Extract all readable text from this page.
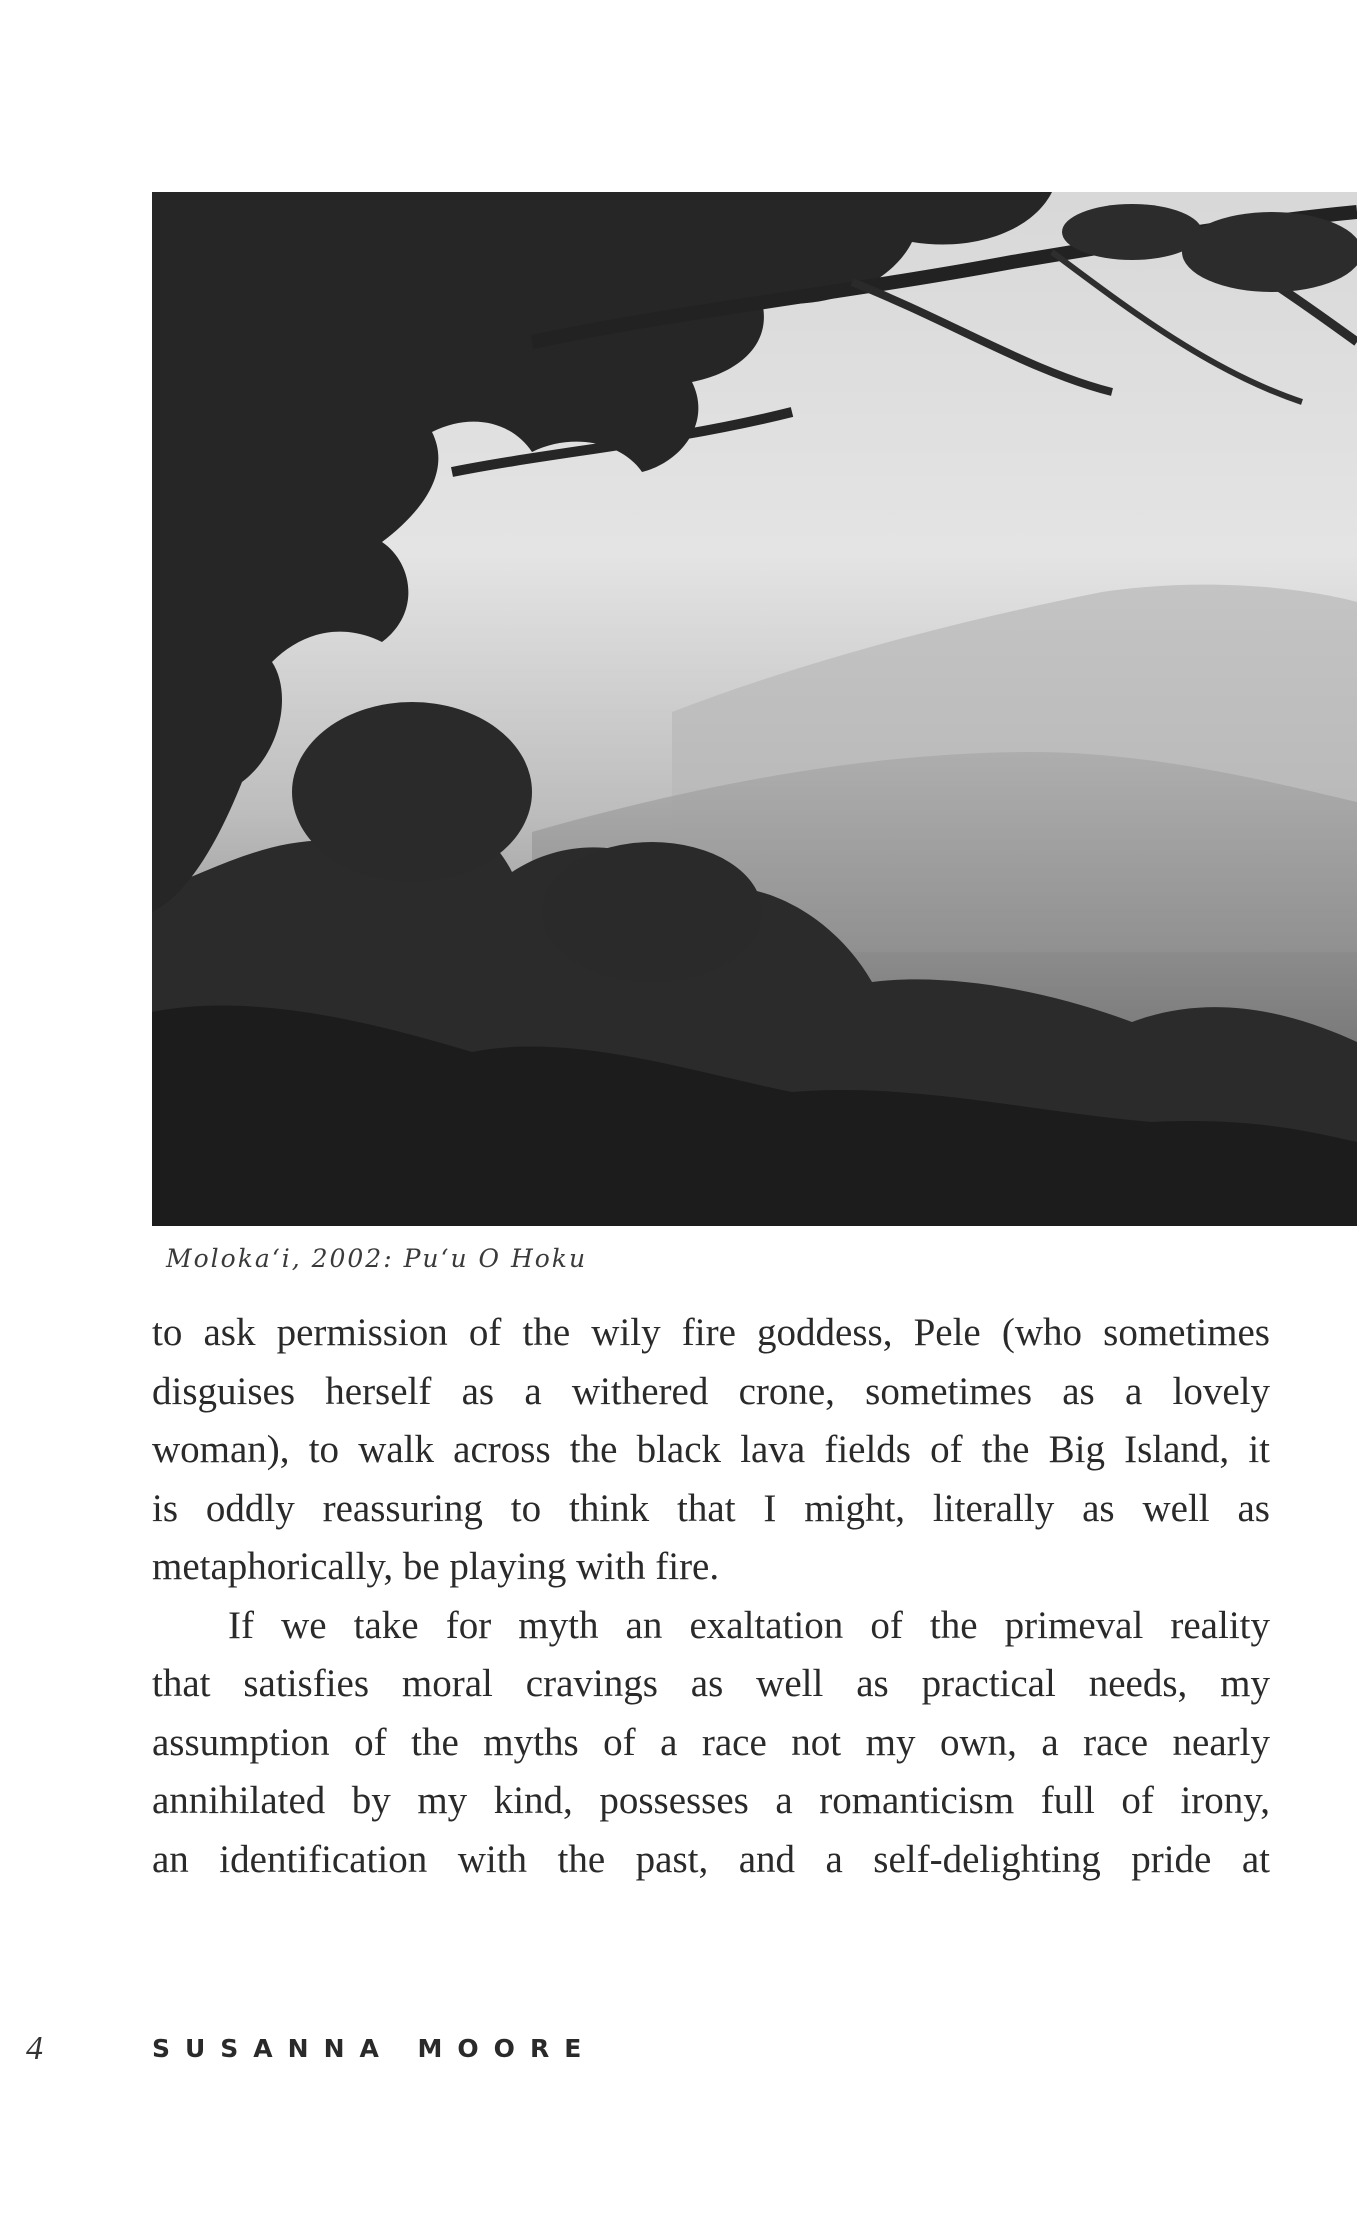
Moloka‘i, 2002: Pu‘u O Hoku

to ask permission of the wily fire goddess, Pele (who sometimes
disguises herself as a withered crone, sometimes as a lovely
woman), to walk across the black lava fields of the Big Island, it
is oddly reassuring to think that I might, literally as well as
metaphorically, be playing with fire.

If we take for myth an exaltation of the primeval reality
that satisfies moral cravings as well as practical needs, my
assumption of the myths of a race not my own, a race nearly
annihilated by my kind, possesses a romanticism full of irony,
an identification with the past, and a self-delighting pride at

4	SUSANNA MOORE
